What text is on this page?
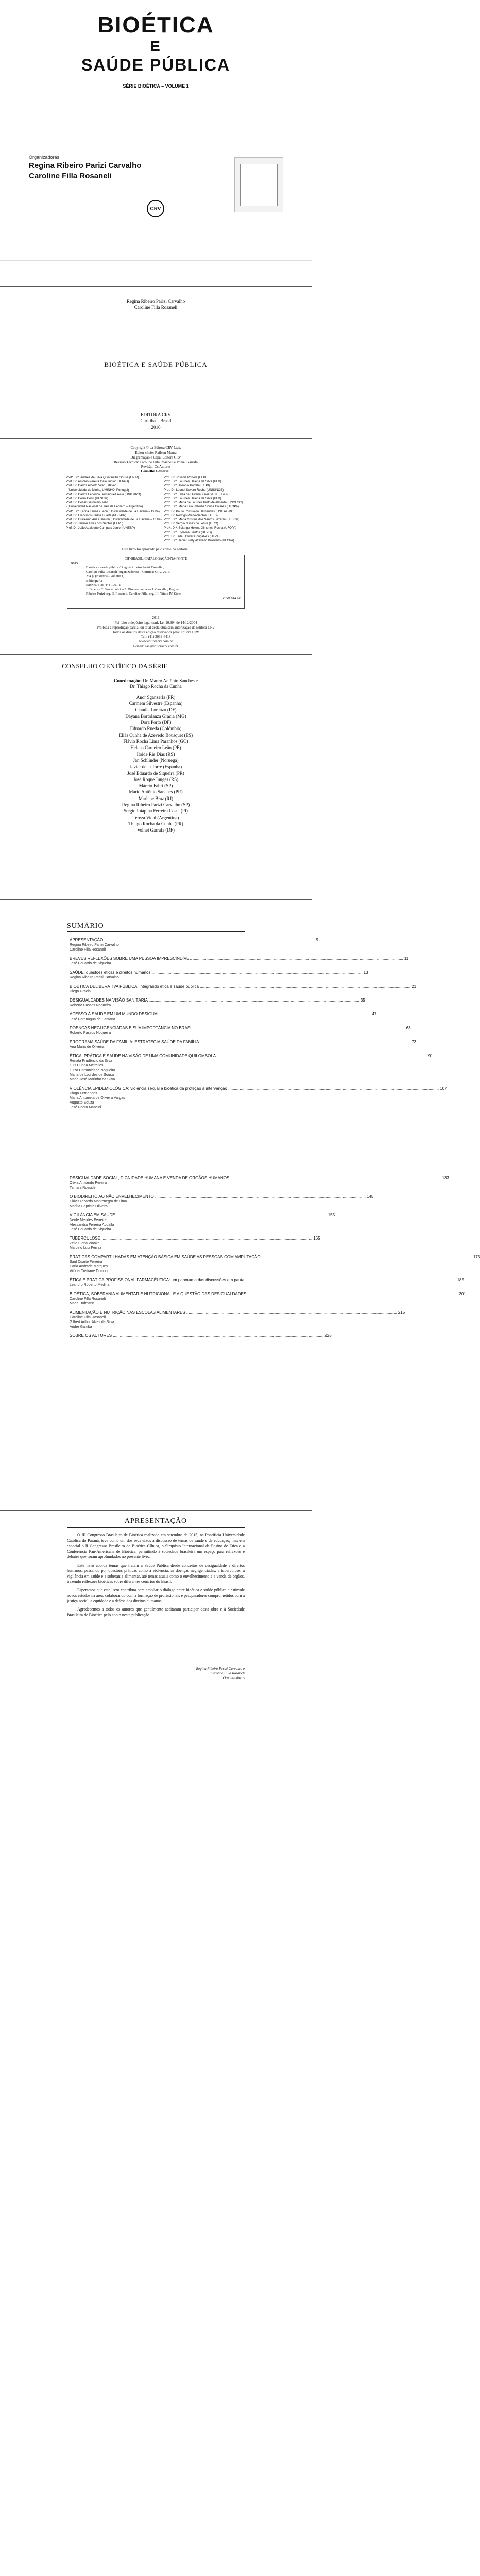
BIOÉTICA
E
SAÚDE PÚBLICA
SÉRIE BIOÉTICA – VOLUME 1
Organizadoras
Regina Ribeiro Parizi Carvalho
Caroline Filla Rosaneli
CRV
Regina Ribeiro Parizi Carvalho
Caroline Filla Rosaneli
BIOÉTICA E SAÚDE PÚBLICA
EDITORA CRV
Curitiba – Brasil
2016
Copyright © da Editora CRV Ltda.
Editor-chefe: Railson Moura
Diagramação e Capa: Editora CRV
Revisão Técnica: Caroline Filla Rosaneli e Volnei Garrafa
Revisão: Os Autores
Conselho Editorial:
Profª. Drª. Andréa da Silva Quintanilha Sousa (UNIR)
Prof. Dr. Antônio Pereira Gaio Júnior (UFRRJ)
Prof. Dr. Carlos Alberto Vilar Estêvão
- (Universidade do Minho, UMINHO, Portugal)
Prof. Dr. Carlos Federico Dominguez Avila (UNIEURO)
Prof. Dr. Celso Conti (UFSCar)
Prof. Dr. Cesar Gerónimo Tello
- (Universidad Nacional de Três de Febrero – Argentina)
Profª. Drª. Gloria Fariñas León (Universidade de La Havana – Cuba)
Prof. Dr. Francisco Carlos Duarte (PUC-PR)
Prof. Dr. Guillermo Arias Beatón (Universidade de La Havana – Cuba)
Prof. Dr. Jailson Alves dos Santos (UFRJ)
Prof. Dr. João Adalberto Campato Junior (UNESP)
Prof. Dr. Josania Portela (UFPI)
Profª. Drª. Lourdes Helena da Silva (UFV)
Profª. Drª. Josania Portela (UFPI)
Prof. Dr. Leonel Severo Rocha (UNISINOS)
Profª. Drª. Lídia de Oliveira Xavier (UNIEURO)
Profª. Drª. Lourdes Helena da Silva (UFV)
Profª. Drª. Maria de Lourdes Pinto de Almeida (UNOESC)
Profª. Drª. Maria Lília Imbiriba Sousa Colares (UFOPA)
Prof. Dr. Paulo Romualdo Hernandes (UNIFAL-MG)
Prof. Dr. Rodrigo Pratte-Santos (UFES)
Profª. Drª. Maria Cristina dos Santos Bezerra (UFSCar)
Prof. Dr. Sérgio Nunes de Jesus (IFRO)
Profª. Drª. Solange Helena Ximenes-Rocha (UFOPA)
Profª. Drª. Sydione Santos (UEPG)
Prof. Dr. Tadeu Oliver Gonçalves (UFPA)
Profª. Drª. Tania Suely Azevedo Brasileiro (UFOPA)
Este livro foi aprovado pelo conselho editorial.
CIP-BRASIL. CATALOGAÇÃO-NA-FONTE
B615
Bioética e saúde pública / Regina Ribeiro Parizi Carvalho,
Caroline Filla Rosaneli (organizadoras) – Curitiba: CRV, 2016.
234 p. (Bioética - Volume 1)
Bibliografia
ISBN 978-85-444-1091-1
1. Bioética 2. Saúde pública 3. Direitos humanos I. Carvalho, Regina
Ribeiro Parizi org. II. Rosaneli, Caroline Filla. org. III. Título IV. Série
CDD 614.2/6
2016
Foi feito o depósito legal conf. Lei 10.994 de 14/12/2004
Proibida a reprodução parcial ou total desta obra sem autorização da Editora CRV
Todos os direitos desta edição reservados pela: Editora CRV
Tel.: (41) 3039-6418
www.editoracrv.com.br
E-mail: sac@editoracrv.com.br
CONSELHO CIENTÍFICO DA SÉRIE
Coordenação: Dr. Mauro Antônio Sanches e
Dr. Thiago Rocha da Cunha
Anor Sganzerla (PR)
Carmem Silvestre (Espanha)
Claudia Lorenzo (DF)
Dayana Bortolanza Gracia (MG)
Dora Porto (DF)
Eduardo Rueda (Colômbia)
Eliãs Cunha de Azevedo Bousquet (ES)
Flávio Rocha Lima Paranhos (GO)
Helena Carneiro Leão (PE)
Iloide Rie Dias (RS)
Jan Schlinder (Noruega)
Javier de la Torre (Espanha)
José Eduardo de Siqueira (PR)
José Roque Junges (RS)
Márcio Fabri (SP)
Mário Antônio Sanches (PR)
Marlene Braz (RJ)
Regina Ribeiro Parizi Carvalho (SP)
Sergio Ibiapina Ferreira Costa (PI)
Tereza Vidal (Argentina)
Thiago Rocha da Cunha (PR)
Volnei Garrafa (DF)
SUMÁRIO
APRESENTAÇÃO .....	9
Regina Ribeiro Parizi Carvalho
Caroline Filla Rosaneli
BREVES REFLEXÕES SOBRE UMA PESSOA IMPRESCINDÍVEL .....	11
José Eduardo de Siqueira
SAÚDE: questões éticas e direitos humanos .....	13
Regina Ribeiro Parizi Carvalho
BIOÉTICA DELIBERATIVA PÚBLICA: integrando ética e saúde pública .....	21
Diego Gracia
DESIGUALDADES NA VISÃO SANITÁRIA .....	35
Roberto Passos Nogueira
ACESSO À SAÚDE EM UM MUNDO DESIGUAL .....	47
José Paranaguá de Santana
DOENÇAS NEGLIGENCIADAS E SUA IMPORTÂNCIA NO BRASIL .....	63
Roberto Passos Nogueira
PROGRAMA SAÚDE DA FAMÍLIA: ESTRATÉGIA SAÚDE DA FAMÍLIA .....	73
Ana Maria de Oliveira
ÉTICA, PRÁTICA E SAÚDE NA VISÃO DE UMA COMUNIDADE QUILOMBOLA .....	91
Renata Prudêncio da Silva
Luis Cunha Meirelles
Luiza Comunidade Nogueira
Maria de Lourdes de Sousa
Maria José Marinho da Silva
VIOLÊNCIA EPIDEMIOLÓGICA: violência sexual e bioética da proteção à intervenção .....	107
Diogo Fernandes
Maria Antonieta de Oliveira Vargas
Augusto Souza
José Pedro Mancini
DESIGUALDADE SOCIAL, DIGNIDADE HUMANA E VENDA DE ÓRGÃOS HUMANOS .....	133
Olivia Armando Pereira
Tamara Roessler
O BIODIREITO AO NÃO ENVELHECIMENTO .....	145
Clóvis Ricardo Montenegro de Lima
Marília Baptista Oliveira
VIGILÂNCIA EM SAÚDE .....	155
Neide Mendes Ferreira
Alessandra Ferreira Abdalla
José Eduardo de Siqueira
TUBERCULOSE .....	165
Zeile Elena Wanka
Marcelo Luiz Ferraz
PRÁTICAS COMPARTILHADAS EM ATENÇÃO BÁSICA EM SAÚDE AS PESSOAS COM AMPUTAÇÃO .....	173
Saúl Duarte Ferreira
Carla Andrade Marques
Vitória Cristiane Dumont
ÉTICA E PRÁTICA PROFISSIONAL FARMACÊUTICA: um panorama das discussões em pauta .....	185
Leandro Roberto Medina
BIOÉTICA, SOBERANIA ALIMENTAR E NUTRICIONAL E A QUESTÃO DAS DESIGUALDADES .....	201
Caroline Filla Rosaneli
Maria Hofmann
ALIMENTAÇÃO E NUTRIÇÃO NAS ESCOLAS ALIMENTARES .....	215
Caroline Filla Rosaneli
Gilbert Arthur Alves da Silva
André Gamba
SOBRE OS AUTORES .....	225
APRESENTAÇÃO

O III Congresso Brasileiro de Bioética realizado em setembro de 2015, na Pontifícia Universidade Católica do Paraná, teve como um dos seus eixos a discussão de temas de saúde e de educação, mas em especial o II Congresso Brasileiro de Bioética Clínica, o Simpósio Internacional de Ensino de Ética e a Conferência Pan-Americana de Bioética, permitindo à sociedade brasileira um espaço para reflexões e debates que foram aprofundados no presente livro.

Este livro aborda temas que tratam a Saúde Pública desde conceitos de desigualdade e direitos humanos, passando por questões práticas como a violência, as doenças negligenciadas, a tuberculose, a vigilância em saúde e a soberania alimentar, até temas atuais como o envelhecimento e a venda de órgãos, trazendo reflexões bioéticas sobre diferentes cenários do Brasil.

Esperamos que este livro contribua para ampliar o diálogo entre bioética e saúde pública e estimule novos estudos na área, colaborando com a formação de profissionais e pesquisadores comprometidos com a justiça social, a equidade e a defesa dos direitos humanos.

Agradecemos a todos os autores que gentilmente aceitaram participar desta obra e à Sociedade Brasileira de Bioética pelo apoio nesta publicação.

Regina Ribeiro Parizi Carvalho e
Caroline Filla Rosaneli
Organizadoras
